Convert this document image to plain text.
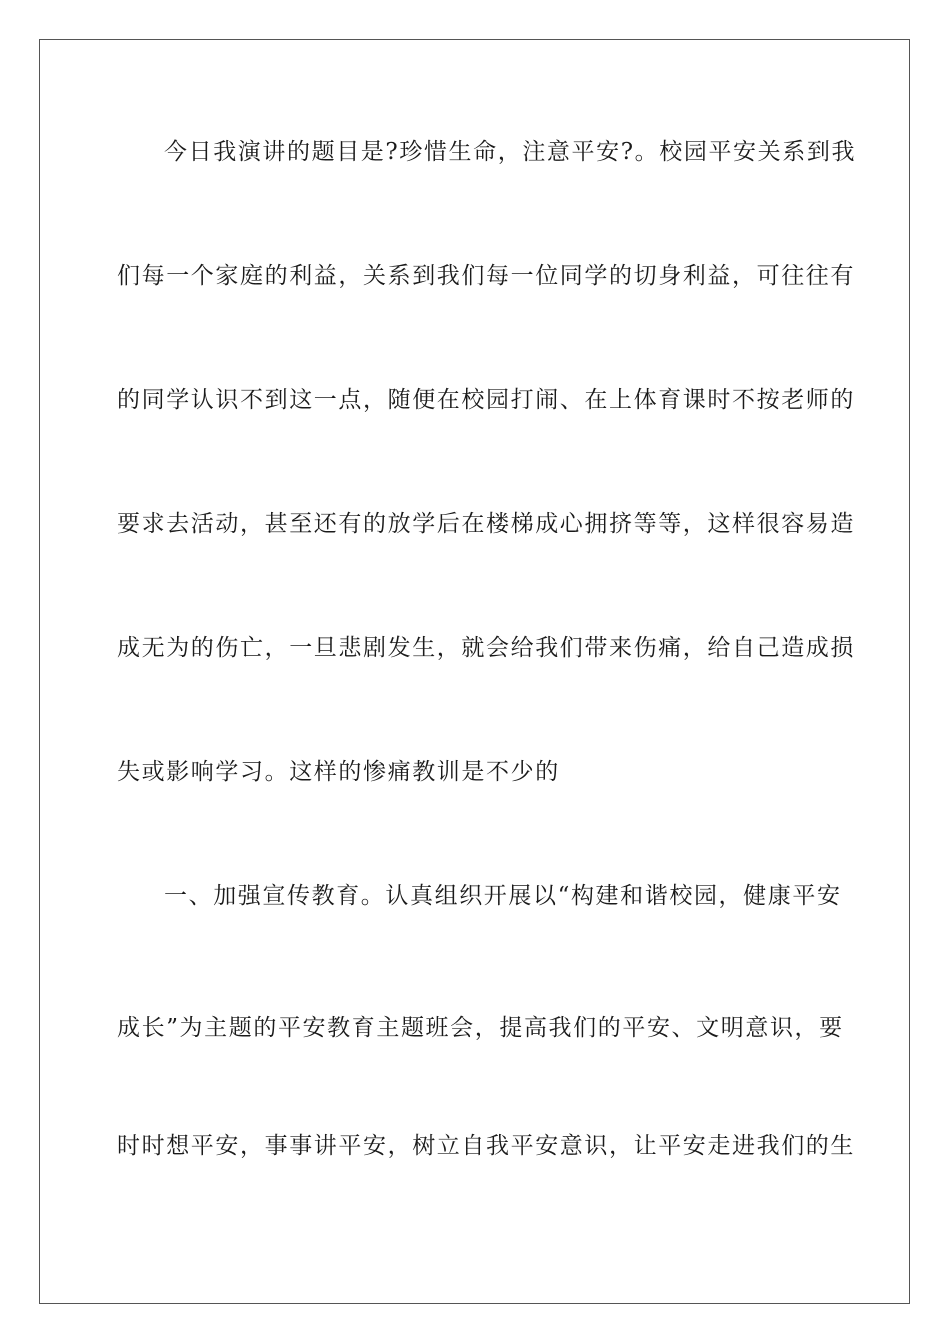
今日我演讲的题目是?珍惜生命，注意平安?。校园平安关系到我
们每一个家庭的利益，关系到我们每一位同学的切身利益，可往往有
的同学认识不到这一点，随便在校园打闹、在上体育课时不按老师的
要求去活动，甚至还有的放学后在楼梯成心拥挤等等，这样很容易造
成无为的伤亡，一旦悲剧发生，就会给我们带来伤痛，给自己造成损
失或影响学习。这样的惨痛教训是不少的
一、加强宣传教育。认真组织开展以“构建和谐校园，健康平安
成长”为主题的平安教育主题班会，提高我们的平安、文明意识，要
时时想平安，事事讲平安，树立自我平安意识，让平安走进我们的生
